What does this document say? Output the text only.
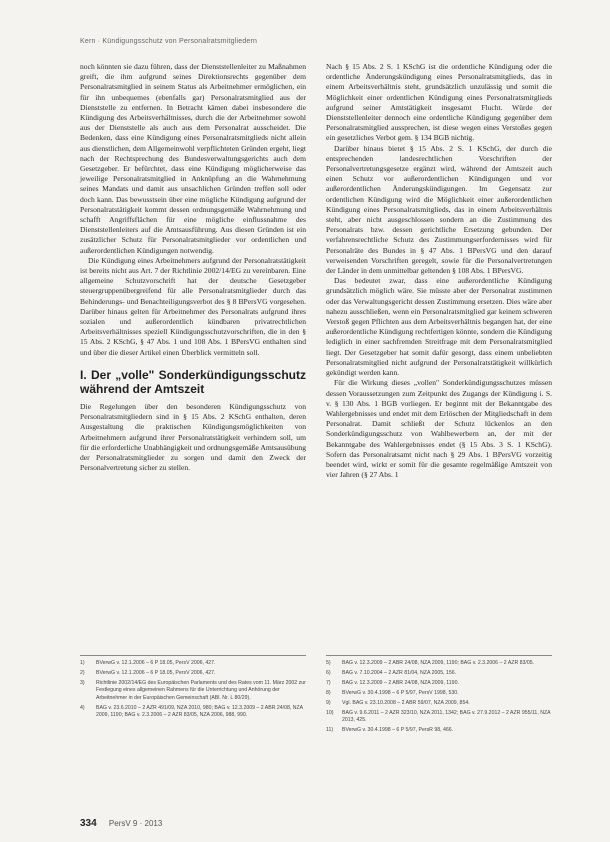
Kern · Kündigungsschutz von Personalratsmitgliedern

noch könnten sie dazu führen, dass der Dienststellenleiter zu Maßnahmen greift, die ihm aufgrund seines Direktionsrechts gegenüber dem Personalratsmitglied in seinem Status als Arbeitnehmer ermöglichen, ein für ihn unbequemes (ebenfalls gar) Personalratsmitglied aus der Dienststelle zu entfernen. In Betracht kämen dabei insbesondere die Kündigung des Arbeitsverhältnisses, durch die der Arbeitnehmer sowohl aus der Dienststelle als auch aus dem Personalrat ausscheidet. Die Bedenken, dass eine Kündigung eines Personalratsmitglieds nicht allein aus dienstlichen, dem Allgemeinwohl verpflichteten Gründen ergeht, liegt nach der Rechtsprechung des Bundesverwaltungsgerichts auch dem Gesetzgeber. Er befürchtet, dass eine Kündigung möglicherweise das jeweilige Personalratsmitglied in Anknüpfung an die Wahrnehmung seines Mandats und damit aus unsachlichen Gründen treffen soll oder doch kann. Das bewusstsein über eine mögliche Kündigung aufgrund der Personalratstätigkeit kommt dessen ordnungsgemäße Wahrnehmung und schafft Angriffsflächen für eine mögliche einflussnahme des Dienststellenleiters auf die Amtsausführung. Aus diesen Gründen ist ein zusätzlicher Schutz für Personalratsmitglieder vor ordentlichen und außerordentlichen Kündigungen notwendig.

Die Kündigung eines Arbeitnehmers aufgrund der Personalratstätigkeit ist bereits nicht aus Art. 7 der Richtlinie 2002/14/EG zu vereinbaren. Eine allgemeine Schutzvorschrift hat der deutsche Gesetzgeber steuergruppenübergreifend für alle Personalratsmitglieder durch das Behinderungs- und Benachteiligungsverbot des § 8 BPersVG vorgesehen. Darüber hinaus gelten für Arbeitnehmer des Personalrats aufgrund ihres sozialen und außerordentlich kündbaren privatrechtlichen Arbeitsverhältnisses speziell Kündigungsschutzvorschriften, die in den § 15 Abs. 2 KSchG, § 47 Abs. 1 und 108 Abs. 1 BPersVG enthalten sind und über die dieser Artikel einen Überblick vermitteln soll.

I. Der „volle" Sonderkündigungsschutz während der Amtszeit

Die Regelungen über den besonderen Kündigungsschutz von Personalratsmitgliedern sind in § 15 Abs. 2 KSchG enthalten, deren Ausgestaltung die praktischen Kündigungsmöglichkeiten von Arbeitnehmern aufgrund ihrer Personalratstätigkeit verhindern soll, um für die erforderliche Unabhängigkeit und ordnungsgemäße Amtsausübung der Personalratsmitglieder zu sorgen und damit den Zweck der Personalvertretung sicher zu stellen.

Nach § 15 Abs. 2 S. 1 KSchG ist die ordentliche Kündigung oder die ordentliche Änderungskündigung eines Personalratsmitglieds, das in einem Arbeitsverhältnis steht, grundsätzlich unzulässig und somit die Möglichkeit einer ordentlichen Kündigung eines Personalratsmitglieds aufgrund seiner Amtstätigkeit insgesamt Flucht. Würde der Dienststellenleiter dennoch eine ordentliche Kündigung gegenüber dem Personalratsmitglied aussprechen, ist diese wegen eines Verstoßes gegen ein gesetzliches Verbot gem. § 134 BGB nichtig.

Darüber hinaus bietet § 15 Abs. 2 S. 1 KSchG, der durch die entsprechenden landesrechtlichen Vorschriften der Personalvertretungsgesetze ergänzt wird, während der Amtszeit auch einen Schutz vor außerordentlichen Kündigungen und vor außerordentlichen Änderungskündigungen. Im Gegensatz zur ordentlichen Kündigung wird die Möglichkeit einer außerordentlichen Kündigung eines Personalratsmitglieds, das in einem Arbeitsverhältnis steht, aber nicht ausgeschlossen sondern an die Zustimmung des Personalrats bzw. dessen gerichtliche Ersetzung gebunden. Der verfahrensrechtliche Schutz des Zustimmungserfordernisses wird für Personalräte des Bundes in § 47 Abs. 1 BPersVG und den darauf verweisenden Vorschriften geregelt, sowie für die Personalvertretungen der Länder in dem unmittelbar geltenden § 108 Abs. 1 BPersVG.

Das bedeutet zwar, dass eine außerordentliche Kündigung grundsätzlich möglich wäre. Sie müsste aber der Personalrat zustimmen oder das Verwaltungsgericht dessen Zustimmung ersetzen. Dies wäre aber nahezu ausschließen, wenn ein Personalratsmitglied gar keinem schweren Verstoß gegen Pflichten aus dem Arbeitsverhältnis begangen hat, der eine außerordentliche Kündigung rechtfertigen könnte, sondern die Kündigung lediglich in einer sachfremden Streitfrage mit dem Personalratsmitglied liegt. Der Gesetzgeber hat somit dafür gesorgt, dass einem unbeliebten Personalratsmitglied nicht aufgrund der Personalratstätigkeit willkürlich gekündigt werden kann.

Für die Wirkung dieses „vollen" Sonderkündigungsschutzes müssen dessen Voraussetzungen zum Zeitpunkt des Zugangs der Kündigung i. S. v. § 130 Abs. 1 BGB vorliegen. Er beginnt mit der Bekanntgabe des Wahlergebnisses und endet mit dem Erlöschen der Mitgliedschaft in dem Personalrat. Damit schließt der Schutz lückenlos an den Sonderkündigungsschutz von Wahlbewerbern an, der mit der Bekanntgabe des Wahlergebnisses endet (§ 15 Abs. 3 S. 1 KSchG). Sofern das Personalratsamt nicht nach § 29 Abs. 1 BPersVG vorzeitig beendet wird, wirkt er somit für die gesamte regelmäßige Amtszeit von vier Jahren (§ 27 Abs. 1

1)	BVerwG v. 12.1.2006 – 6 P 18.05, PersV 2006, 427.
2)	BVerwG v. 12.1.2006 – 6 P 18.05, PersV 2006, 427.
3)	Richtlinie 2002/14/EG des Europäischen Parlaments und des Rates vom 11. März 2002 zur Festlegung eines allgemeinen Rahmens für die Unterrichtung und Anhörung der Arbeitnehmer in der Europäischen Gemeinschaft (ABl. Nr. L 80/29).
4)	BAG v. 23.6.2010 – 2 AZR 491/09, NZA 2010, 980; BAG v. 12.3.2009 – 2 ABR 24/08, NZA 2009, 1190; BAG v. 2.3.2006 – 2 AZR 83/05, NZA 2006, 988, 990.
5)	BAG v. 12.3.2009 – 2 ABR 24/08, NZA 2009, 1190; BAG v. 2.3.2006 – 2 AZR 83/05.
6)	BAG v. 7.10.2004 – 2 AZR 81/04, NZA 2005, 156.
7)	BAG v. 12.3.2009 – 2 ABR 24/08, NZA 2009, 1190.
8)	BVerwG v. 30.4.1998 – 6 P 5/97, PersV 1998, 530.
9)	Vgl. BAG v. 23.10.2008 – 2 ABR 59/07, NZA 2009, 854.
10)	BAG v. 9.6.2011 – 2 AZR 323/10, NZA 2011, 1342; BAG v. 27.9.2012 – 2 AZR 955/11, NZA 2013, 425.
11)	BVerwG v. 30.4.1998 – 6 P 5/97, PersR 98, 466.
334 PersV 9 · 2013
